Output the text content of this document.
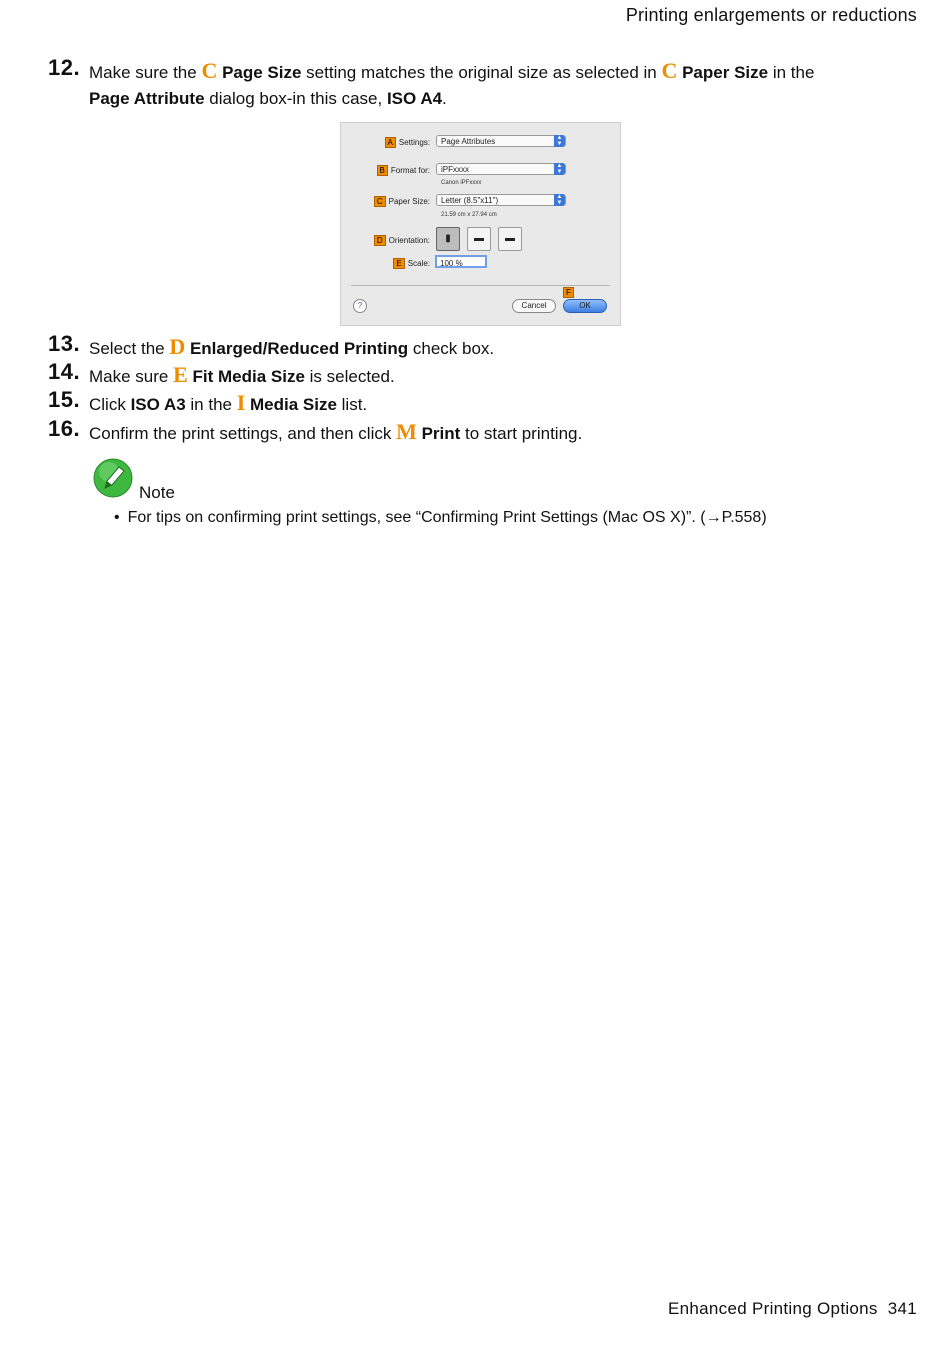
Printing enlargements or reductions
12. Make sure the C Page Size setting matches the original size as selected in C Paper Size in the
Page Attribute dialog box-in this case, ISO A4.
A Settings:	Page Attributes	▲
▼
B Format for:	iPFxxxx	▲
▼
Canon iPFxxxx
C Paper Size:	Letter (8.5"x11")	▲
▼
21.59 cm x 27.94 cm
D Orientation:	▮	▬	▬
E Scale:	100 %
F
?	Cancel	OK
13. Select the D Enlarged/Reduced Printing check box.
14. Make sure E Fit Media Size is selected.
15. Click ISO A3 in the I Media Size list.
16. Confirm the print settings, and then click M Print to start printing.
Note
• For tips on confirming print settings, see “Confirming Print Settings (Mac OS X)”. (→P.558)
Enhanced Printing Options 341
